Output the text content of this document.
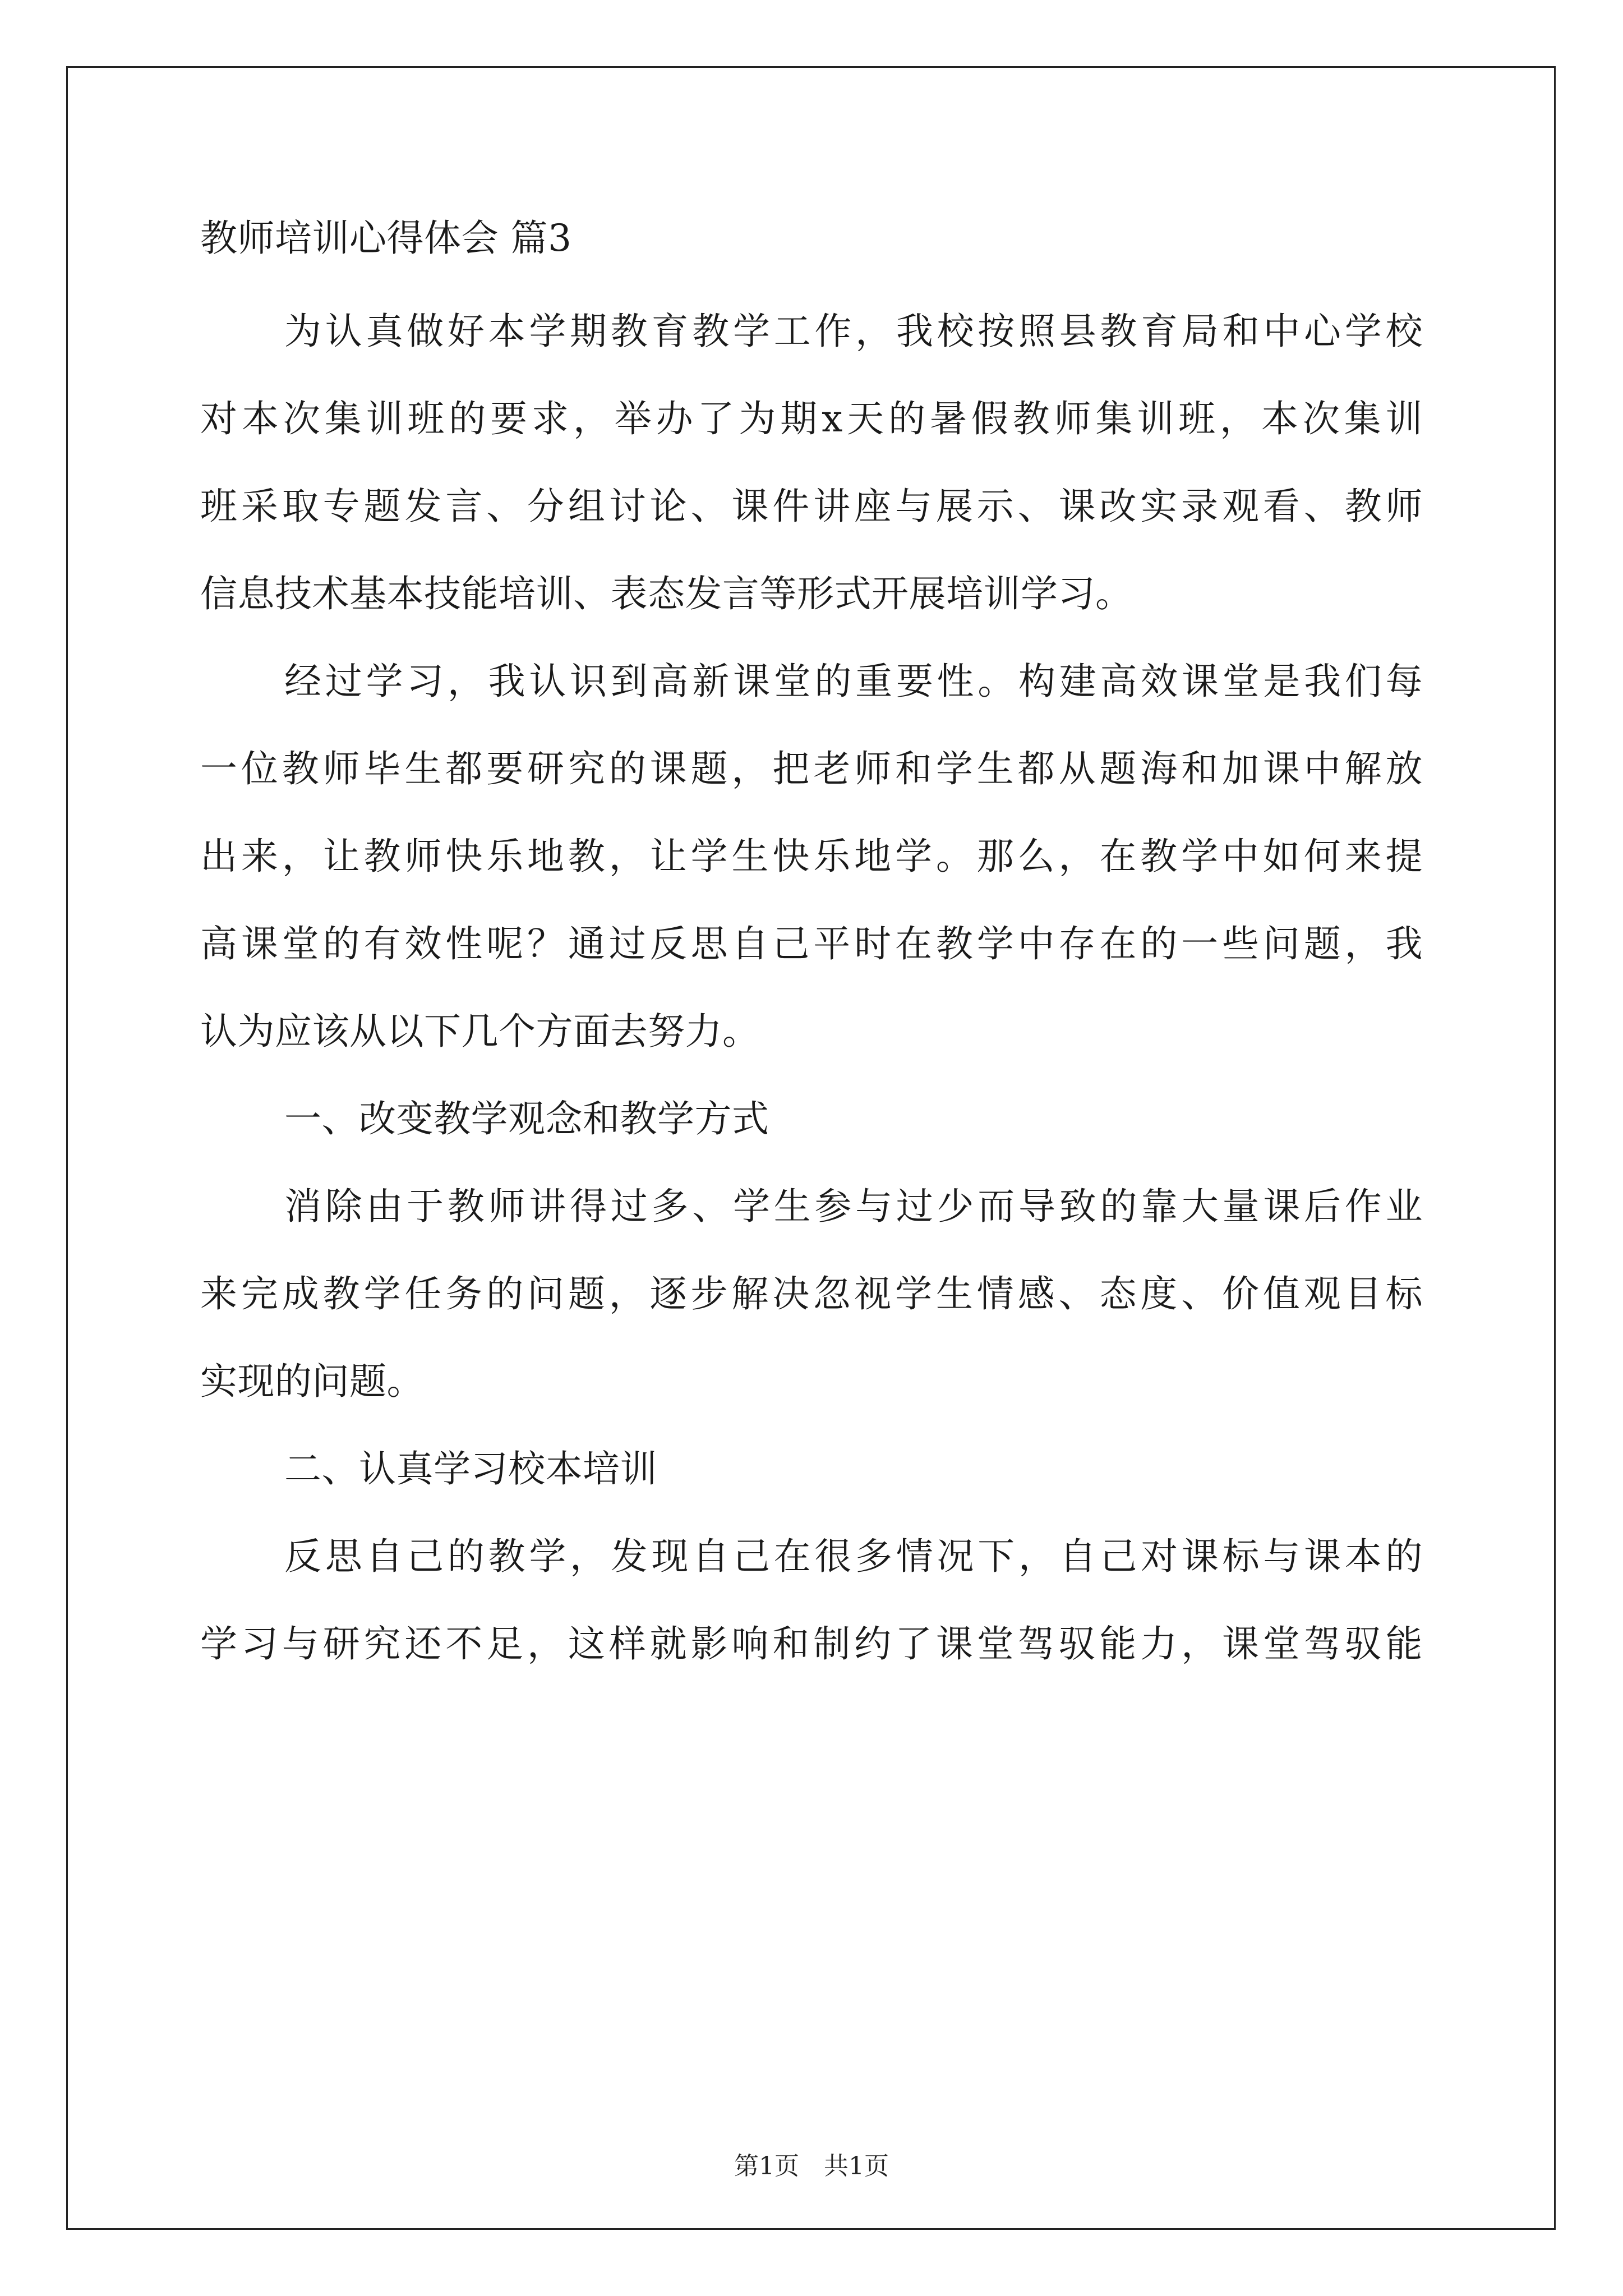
教师培训心得体会 篇3
为认真做好本学期教育教学工作，我校按照县教育局和中心学校
对本次集训班的要求，举办了为期x天的暑假教师集训班，本次集训
班采取专题发言、分组讨论、课件讲座与展示、课改实录观看、教师
信息技术基本技能培训、表态发言等形式开展培训学习。
经过学习，我认识到高新课堂的重要性。构建高效课堂是我们每
一位教师毕生都要研究的课题，把老师和学生都从题海和加课中解放
出来，让教师快乐地教，让学生快乐地学。那么，在教学中如何来提
高课堂的有效性呢？通过反思自己平时在教学中存在的一些问题，我
认为应该从以下几个方面去努力。
一、改变教学观念和教学方式
消除由于教师讲得过多、学生参与过少而导致的靠大量课后作业
来完成教学任务的问题，逐步解决忽视学生情感、态度、价值观目标
实现的问题。
二、认真学习校本培训
反思自己的教学，发现自己在很多情况下，自己对课标与课本的
学习与研究还不足，这样就影响和制约了课堂驾驭能力，课堂驾驭能
第1页　共1页
